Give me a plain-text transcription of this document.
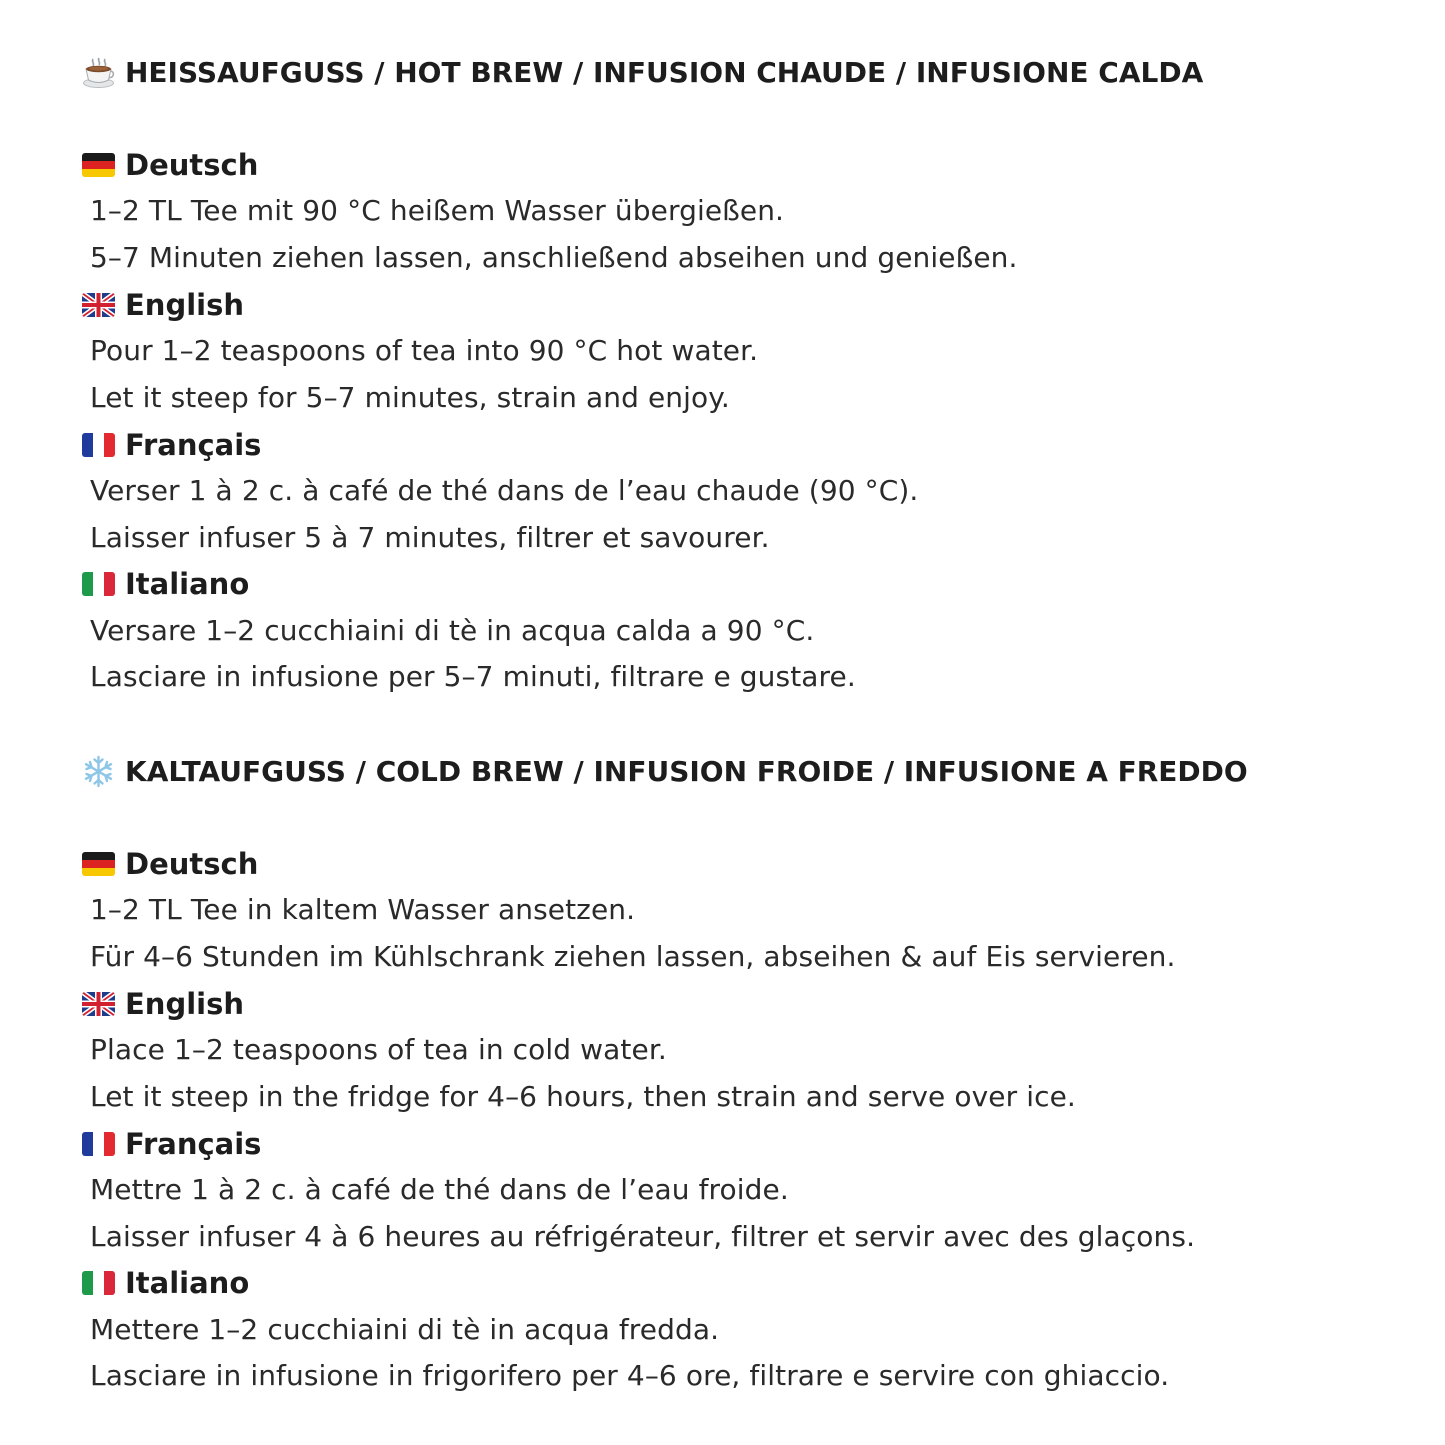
HEISSAUFGUSS / HOT BREW / INFUSION CHAUDE / INFUSIONE CALDA
Deutsch
1–2 TL Tee mit 90 °C heißem Wasser übergießen.
5–7 Minuten ziehen lassen, anschließend abseihen und genießen.
English
Pour 1–2 teaspoons of tea into 90 °C hot water.
Let it steep for 5–7 minutes, strain and enjoy.
Français
Verser 1 à 2 c. à café de thé dans de l’eau chaude (90 °C).
Laisser infuser 5 à 7 minutes, filtrer et savourer.
Italiano
Versare 1–2 cucchiaini di tè in acqua calda a 90 °C.
Lasciare in infusione per 5–7 minuti, filtrare e gustare.
KALTAUFGUSS / COLD BREW / INFUSION FROIDE / INFUSIONE A FREDDO
Deutsch
1–2 TL Tee in kaltem Wasser ansetzen.
Für 4–6 Stunden im Kühlschrank ziehen lassen, abseihen & auf Eis servieren.
English
Place 1–2 teaspoons of tea in cold water.
Let it steep in the fridge for 4–6 hours, then strain and serve over ice.
Français
Mettre 1 à 2 c. à café de thé dans de l’eau froide.
Laisser infuser 4 à 6 heures au réfrigérateur, filtrer et servir avec des glaçons.
Italiano
Mettere 1–2 cucchiaini di tè in acqua fredda.
Lasciare in infusione in frigorifero per 4–6 ore, filtrare e servire con ghiaccio.
